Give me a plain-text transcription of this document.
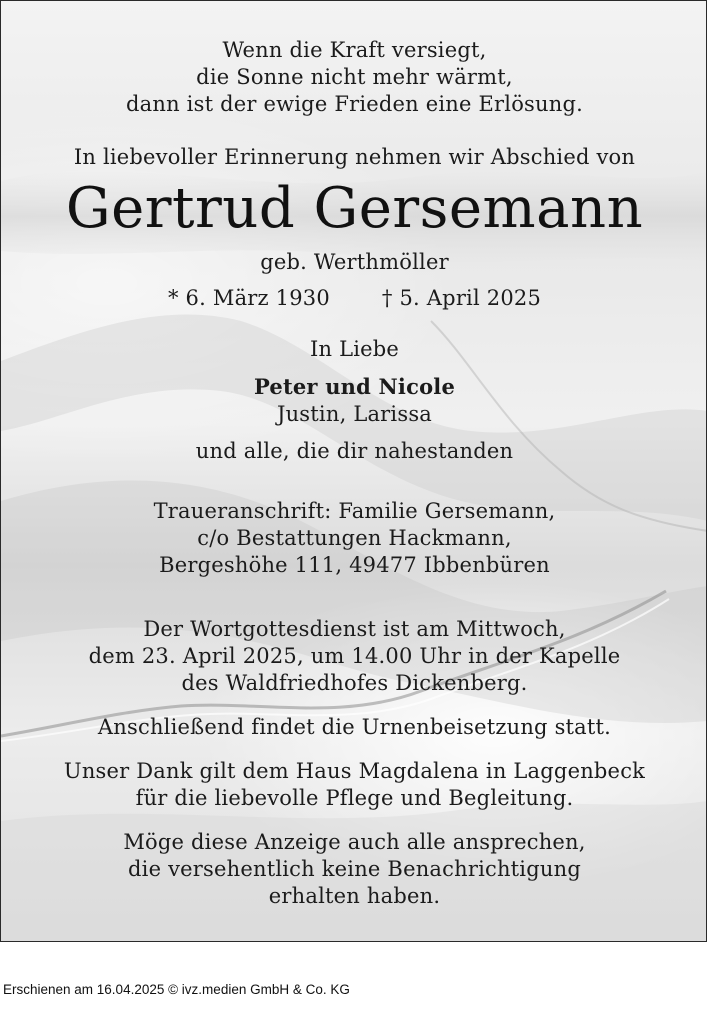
Wenn die Kraft versiegt,
die Sonne nicht mehr wärmt,
dann ist der ewige Frieden eine Erlösung.
In liebevoller Erinnerung nehmen wir Abschied von
Gertrud Gersemann
geb. Werthmöller
* 6. März 1930 † 5. April 2025
In Liebe
Peter und Nicole
Justin, Larissa
und alle, die dir nahestanden
Traueranschrift: Familie Gersemann,
c/o Bestattungen Hackmann,
Bergeshöhe 111, 49477 Ibbenbüren
Der Wortgottesdienst ist am Mittwoch,
dem 23. April 2025, um 14.00 Uhr in der Kapelle
des Waldfriedhofes Dickenberg.
Anschließend findet die Urnenbeisetzung statt.
Unser Dank gilt dem Haus Magdalena in Laggenbeck
für die liebevolle Pflege und Begleitung.
Möge diese Anzeige auch alle ansprechen,
die versehentlich keine Benachrichtigung
erhalten haben.
Erschienen am 16.04.2025 © ivz.medien GmbH & Co. KG
